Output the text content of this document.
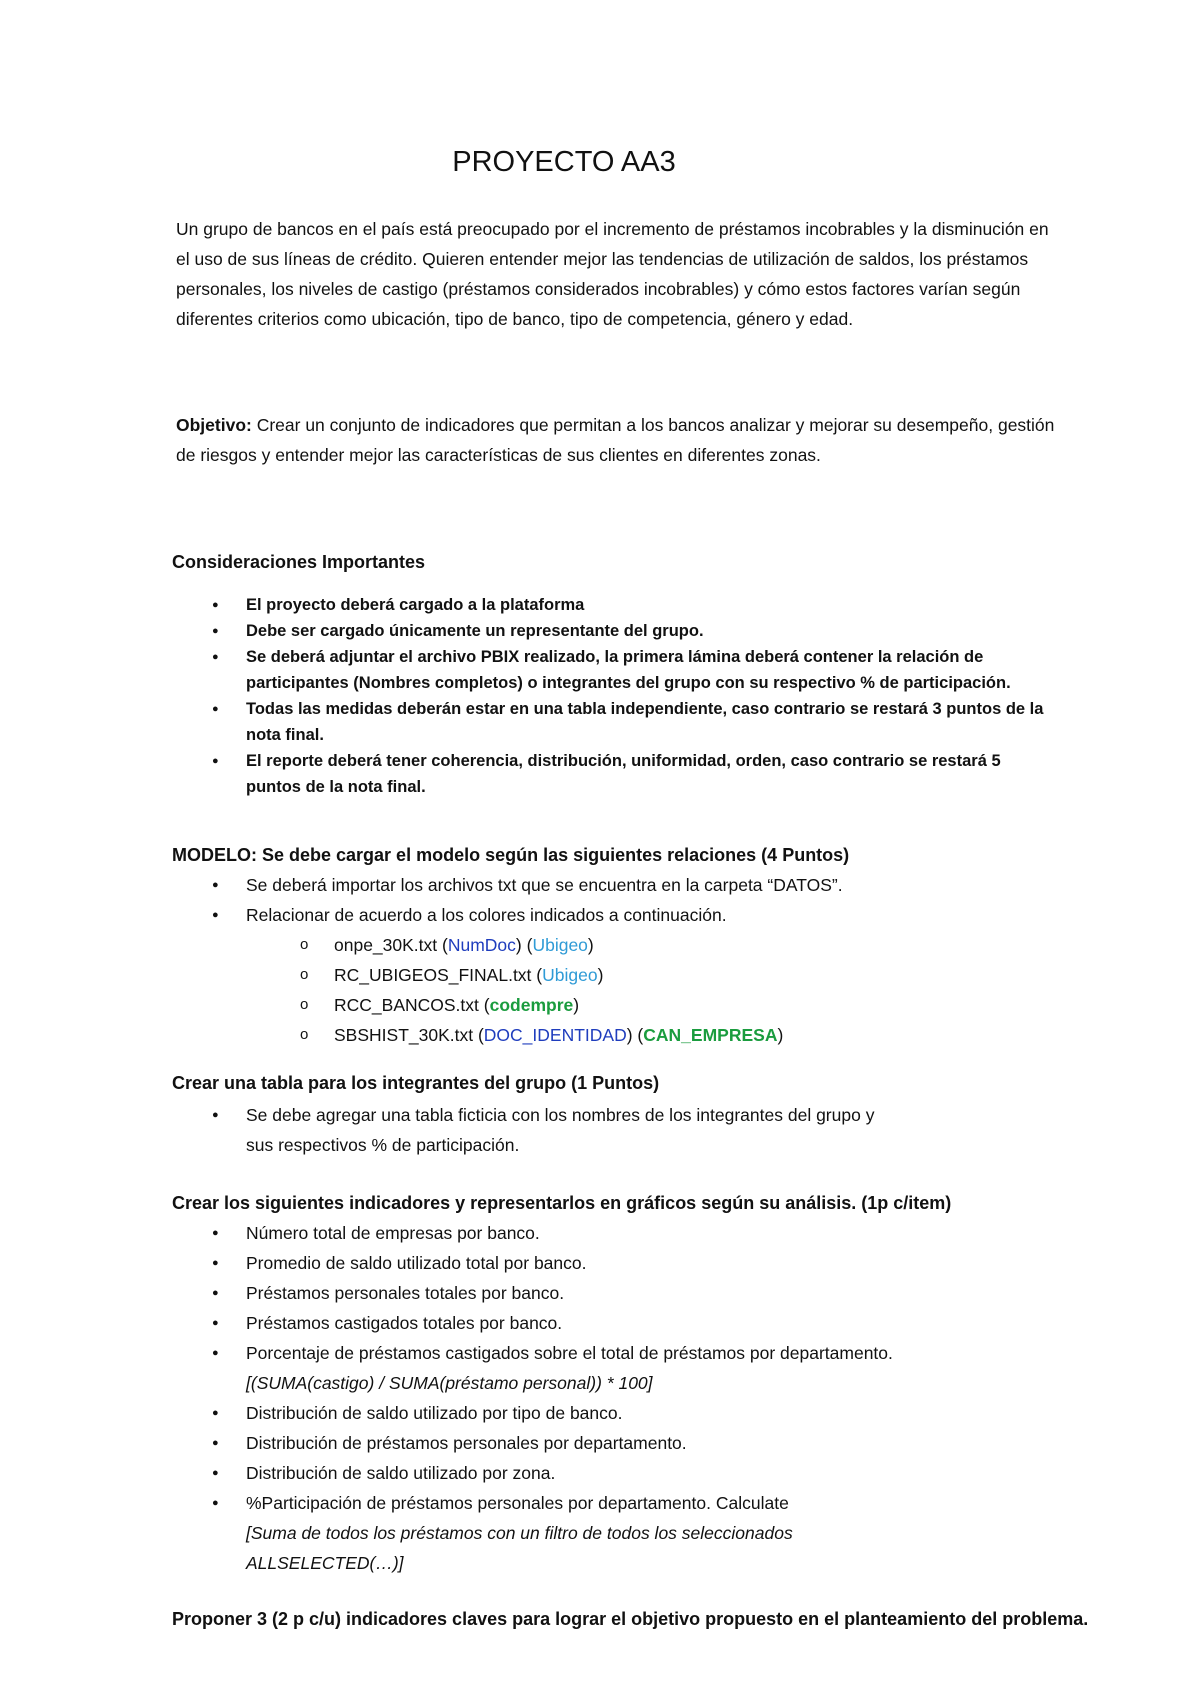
PROYECTO AA3

Un grupo de bancos en el país está preocupado por el incremento de préstamos incobrables y la disminución en el uso de sus líneas de crédito. Quieren entender mejor las tendencias de utilización de saldos, los préstamos personales, los niveles de castigo (préstamos considerados incobrables) y cómo estos factores varían según diferentes criterios como ubicación, tipo de banco, tipo de competencia, género y edad.

Objetivo: Crear un conjunto de indicadores que permitan a los bancos analizar y mejorar su desempeño, gestión de riesgos y entender mejor las características de sus clientes en diferentes zonas.

Consideraciones Importantes
● El proyecto deberá cargado a la plataforma
● Debe ser cargado únicamente un representante del grupo.
● Se deberá adjuntar el archivo PBIX realizado, la primera lámina deberá contener la relación de participantes (Nombres completos) o integrantes del grupo con su respectivo % de participación.
● Todas las medidas deberán estar en una tabla independiente, caso contrario se restará 3 puntos de la nota final.
● El reporte deberá tener coherencia, distribución, uniformidad, orden, caso contrario se restará 5 puntos de la nota final.
MODELO: Se debe cargar el modelo según las siguientes relaciones (4 Puntos)
● Se deberá importar los archivos txt que se encuentra en la carpeta “DATOS”.
● Relacionar de acuerdo a los colores indicados a continuación.
o onpe_30K.txt (NumDoc) (Ubigeo)
o RC_UBIGEOS_FINAL.txt (Ubigeo)
o RCC_BANCOS.txt (codempre)
o SBSHIST_30K.txt (DOC_IDENTIDAD) (CAN_EMPRESA)
Crear una tabla para los integrantes del grupo (1 Puntos)
● Se debe agregar una tabla ficticia con los nombres de los integrantes del grupo y sus respectivos % de participación.
Crear los siguientes indicadores y representarlos en gráficos según su análisis. (1p c/item)
● Número total de empresas por banco.
● Promedio de saldo utilizado total por banco.
● Préstamos personales totales por banco.
● Préstamos castigados totales por banco.
● Porcentaje de préstamos castigados sobre el total de préstamos por departamento. [(SUMA(castigo) / SUMA(préstamo personal)) * 100]
● Distribución de saldo utilizado por tipo de banco.
● Distribución de préstamos personales por departamento.
● Distribución de saldo utilizado por zona.
● %Participación de préstamos personales por departamento. Calculate
[Suma de todos los préstamos con un filtro de todos los seleccionados ALLSELECTED(…)]
Proponer 3 (2 p c/u) indicadores claves para lograr el objetivo propuesto en el planteamiento del problema.
